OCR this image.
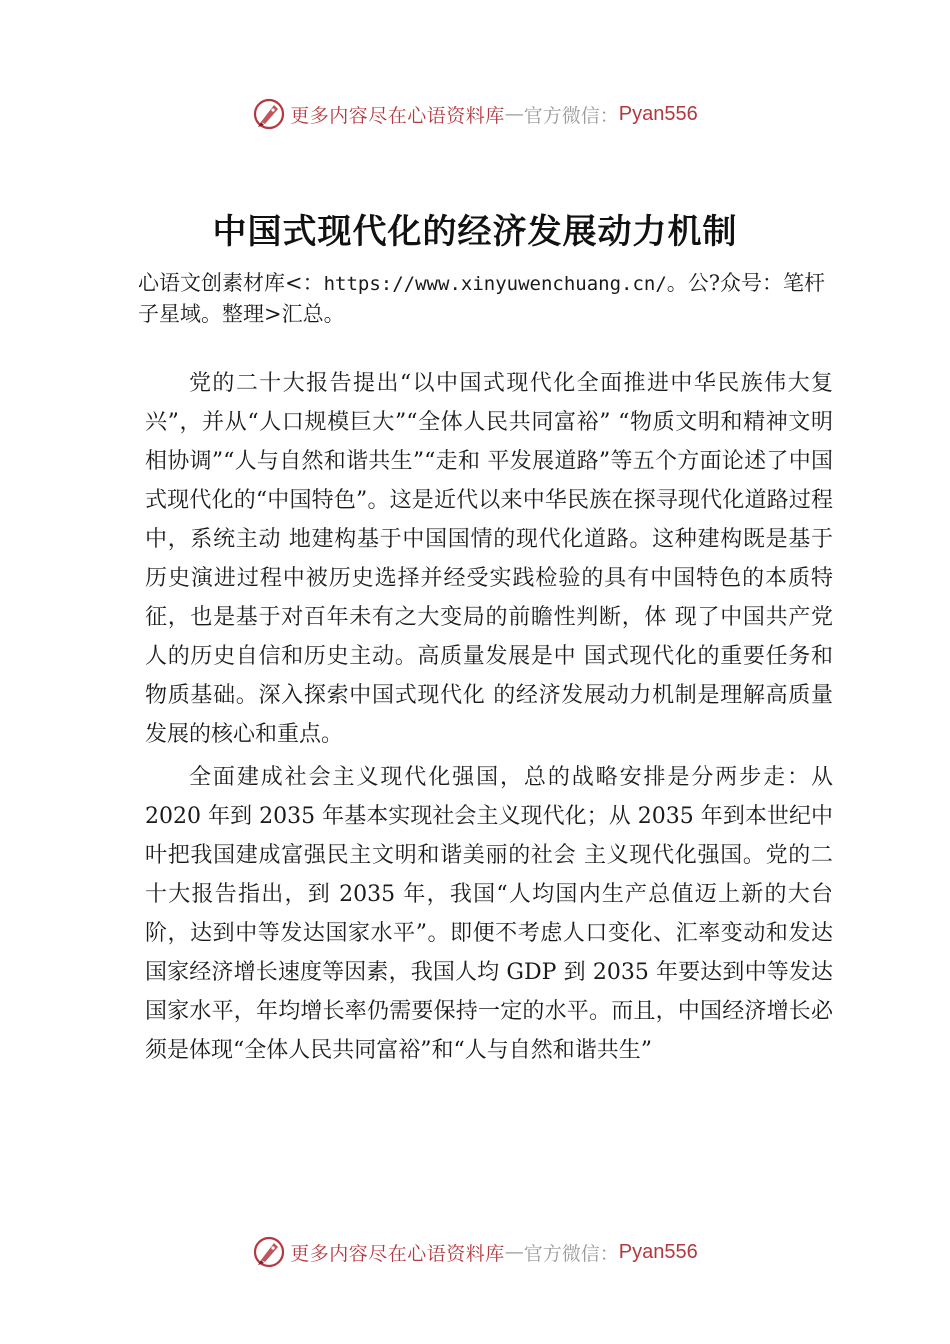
更多内容尽在心语资料库 — 官方微信： Pyan556
中国式现代化的经济发展动力机制
心语文创素材库<：https://www.xinyuwenchuang.cn/。公?众号：笔杆子星域。整理>汇总。

党的二十大报告提出“以中国式现代化全面推进中华民族伟大复兴”，并从“人口规模巨大”“全体人民共同富裕” “物质文明和精神文明相协调”“人与自然和谐共生”“走和 平发展道路”等五个方面论述了中国式现代化的“中国特色”。这是近代以来中华民族在探寻现代化道路过程中，系统主动 地建构基于中国国情的现代化道路。这种建构既是基于历史演进过程中被历史选择并经受实践检验的具有中国特色的本质特征，也是基于对百年未有之大变局的前瞻性判断，体 现了中国共产党人的历史自信和历史主动。高质量发展是中 国式现代化的重要任务和物质基础。深入探索中国式现代化 的经济发展动力机制是理解高质量发展的核心和重点。

全面建成社会主义现代化强国，总的战略安排是分两步走：从 2020 年到 2035 年基本实现社会主义现代化；从 2035 年到本世纪中叶把我国建成富强民主文明和谐美丽的社会 主义现代化强国。党的二十大报告指出，到 2035 年，我国“人均国内生产总值迈上新的大台阶，达到中等发达国家水平”。即便不考虑人口变化、汇率变动和发达国家经济增长速度等因素，我国人均 GDP 到 2035 年要达到中等发达国家水平，年均增长率仍需要保持一定的水平。而且，中国经济增长必须是体现“全体人民共同富裕”和“人与自然和谐共生”

更多内容尽在心语资料库 — 官方微信： Pyan556
